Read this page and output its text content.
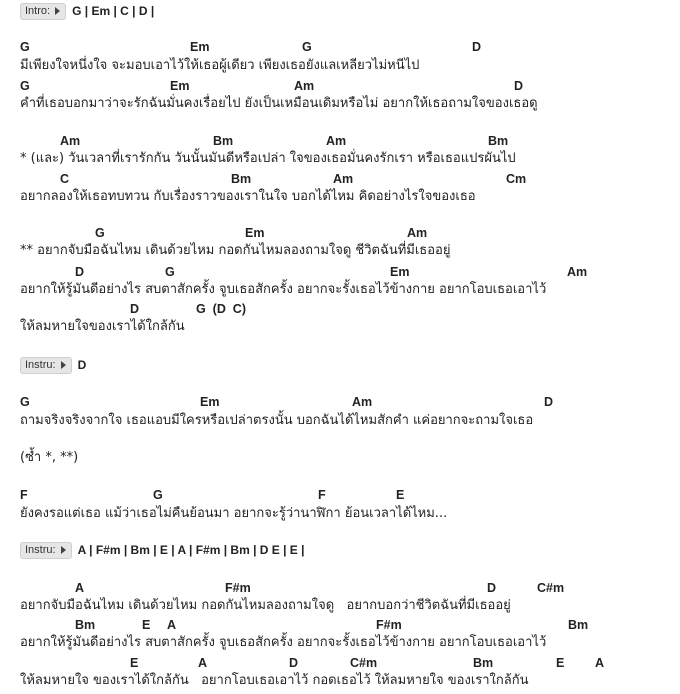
Intro: G | Em | C | D |
G	Em	G	D
มีเพียงใจหนึ่งใจ จะมอบเอาไว้ให้เธอผู้เดียว เพียงเธอยังแลเหลียวไม่หนีไป
G	Em	Am	D
คำที่เธอบอกมาว่าจะรักฉันมั่นคงเรื่อยไป ยังเป็นเหมือนเดิมหรือไม่ อยากให้เธอถามใจของเธอดู
Am	Bm	Am	Bm
* (และ) วันเวลาที่เรารักกัน วันนั้นมันดีหรือเปล่า ใจของเธอมั่นคงรักเรา หรือเธอแปรผันไป
C	Bm	Am	Cm
อยากลองให้เธอทบทวน กับเรื่องราวของเราในใจ บอกได้ไหม คิดอย่างไรใจของเธอ
G	Em	Am
** อยากจับมือฉันไหม เดินด้วยไหม กอดกันไหมลองถามใจดู ชีวิตฉันที่มีเธออยู่
D	G	Em	Am
อยากให้รู้มันดีอย่างไร สบตาสักครั้ง จูบเธอสักครั้ง อยากจะรั้งเธอไว้ข้างกาย อยากโอบเธอเอาไว้
D	G  (D  C)
ให้ลมหายใจของเราได้ใกล้กัน
Instru: D
G	Em	Am	D
ถามจริงจริงจากใจ เธอแอบมีใครหรือเปล่าตรงนั้น บอกฉันได้ไหมสักคำ แค่อยากจะถามใจเธอ
(ซ้ำ *, **)
F	G	F	E
ยังคงรอแต่เธอ แม้ว่าเธอไม่คืนย้อนมา อยากจะรู้ว่านาฬิกา ย้อนเวลาได้ไหม...
Instru: A | F#m | Bm | E | A | F#m | Bm | D E | E |
A	F#m	D	C#m
อยากจับมือฉันไหม เดินด้วยไหม กอดกันไหมลองถามใจดู   อยากบอกว่าชีวิตฉันที่มีเธออยู่
Bm	E A	F#m	Bm
อยากให้รู้มันดีอย่างไร สบตาสักครั้ง จูบเธอสักครั้ง อยากจะรั้งเธอไว้ข้างกาย อยากโอบเธอเอาไว้
E	A	D	C#m	Bm	E A
ให้ลมหายใจ ของเราได้ใกล้กัน   อยากโอบเธอเอาไว้ กอดเธอไว้ ให้ลมหายใจ ของเราใกล้กัน
